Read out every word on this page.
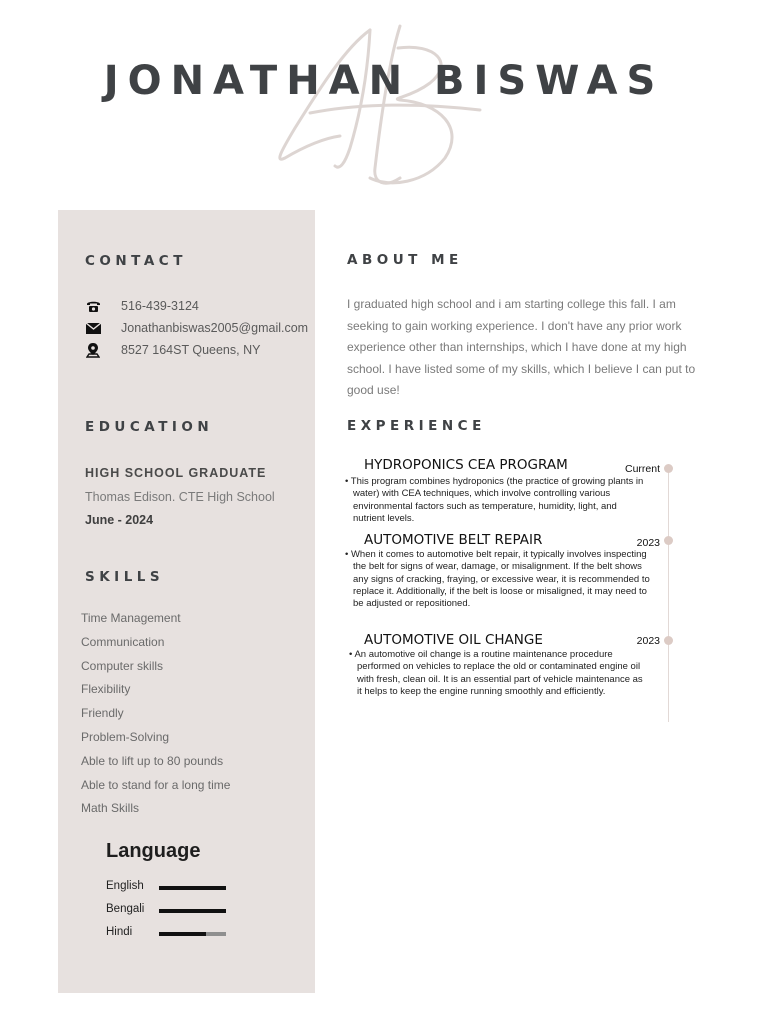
JONATHAN BISWAS
CONTACT
516-439-3124
Jonathanbiswas2005@gmail.com
8527 164ST Queens, NY
EDUCATION
HIGH SCHOOL GRADUATE
Thomas Edison. CTE High School
June - 2024
SKILLS
Time Management
Communication
Computer skills
Flexibility
Friendly
Problem-Solving
Able to lift up to 80 pounds
Able to stand for a long time
Math Skills
Language
English
Bengali
Hindi
ABOUT ME

I graduated high school and i am starting college this fall. I am seeking to gain working experience. I don't have any prior work experience other than internships, which I have done at my high school. I have listed some of my skills, which I believe I can put to good use!

EXPERIENCE
HYDROPONICS CEA PROGRAM	Current

• This program combines hydroponics (the practice of growing plants in water) with CEA techniques, which involve controlling various environmental factors such as temperature, humidity, light, and nutrient levels.

AUTOMOTIVE BELT REPAIR	2023

• When it comes to automotive belt repair, it typically involves inspecting the belt for signs of wear, damage, or misalignment. If the belt shows any signs of cracking, fraying, or excessive wear, it is recommended to replace it. Additionally, if the belt is loose or misaligned, it may need to be adjusted or repositioned.

AUTOMOTIVE OIL CHANGE	2023

• An automotive oil change is a routine maintenance procedure performed on vehicles to replace the old or contaminated engine oil with fresh, clean oil. It is an essential part of vehicle maintenance as it helps to keep the engine running smoothly and efficiently.
